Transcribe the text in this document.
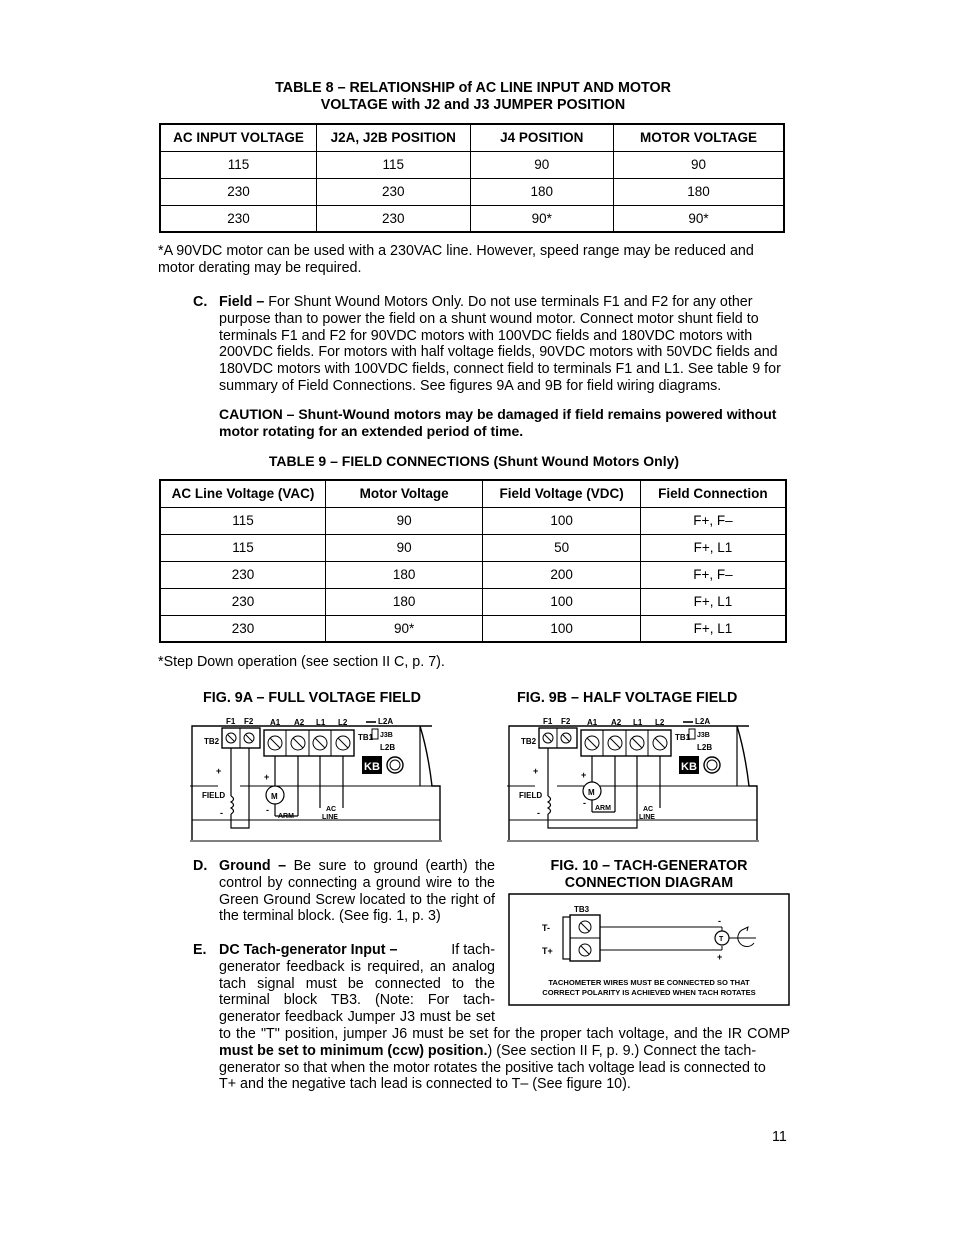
TABLE 8 – RELATIONSHIP of AC LINE INPUT AND MOTOR
VOLTAGE with J2 and J3 JUMPER POSITION
AC INPUT VOLTAGE	J2A, J2B POSITION	J4 POSITION	MOTOR VOLTAGE
115	115	90	90
230	230	180	180
230	230	90*	90*
*A 90VDC motor can be used with a 230VAC line. However, speed range may be reduced and
motor derating may be required.
C. Field – For Shunt Wound Motors Only. Do not use terminals F1 and F2 for any other
purpose than to power the field on a shunt wound motor. Connect motor shunt field to
terminals F1 and F2 for 90VDC motors with 100VDC fields and 180VDC motors with
200VDC fields. For motors with half voltage fields, 90VDC motors with 50VDC fields and
180VDC motors with 100VDC fields, connect field to terminals F1 and L1. See table 9 for
summary of Field Connections. See figures 9A and 9B for field wiring diagrams.
CAUTION – Shunt-Wound motors may be damaged if field remains powered without
motor rotating for an extended period of time.
TABLE 9 – FIELD CONNECTIONS (Shunt Wound Motors Only)
AC Line Voltage (VAC)	Motor Voltage	Field Voltage (VDC)	Field Connection
115	90	100	F+, F–
115	90	50	F+, L1
230	180	200	F+, F–
230	180	100	F+, L1
230	90*	100	F+, L1
*Step Down operation (see section II C, p. 7).
FIG. 9A – FULL VOLTAGE FIELD
F1 F2
TB2
A1 A2 L1 L2	L2A
J3B
L2B
TB1
KB
M
+
FIELD
-
+
-
ARM
AC
LINE
FIG. 9B – HALF VOLTAGE FIELD
F1 F2
TB2
A1 A2 L1 L2	L2A
J3B
L2B
TB1
KB
M
+
FIELD
-
+
-
ARM	AC
LINE
D. Ground – Be sure to ground (earth) the
control by connecting a ground wire to the
Green Ground Screw located to the right of
the terminal block. (See fig. 1, p. 3)
FIG. 10 – TACH-GENERATOR
CONNECTION DIAGRAM
TB3
T-
T+
T
-
+
TACHOMETER WIRES MUST BE CONNECTED SO THAT
CORRECT POLARITY IS ACHIEVED WHEN TACH ROTATES
E. DC Tach-generator Input –	If tach-
generator feedback is required, an analog
tach signal must be connected to the
terminal block TB3. (Note: For tach-
generator feedback Jumper J3 must be set
to the "T" position, jumper J6 must be set for the proper tach voltage, and the IR COMP
must be set to minimum (ccw) position.) (See section II F, p. 9.) Connect the tach-
generator so that when the motor rotates the positive tach voltage lead is connected to
T+ and the negative tach lead is connected to T– (See figure 10).
11
